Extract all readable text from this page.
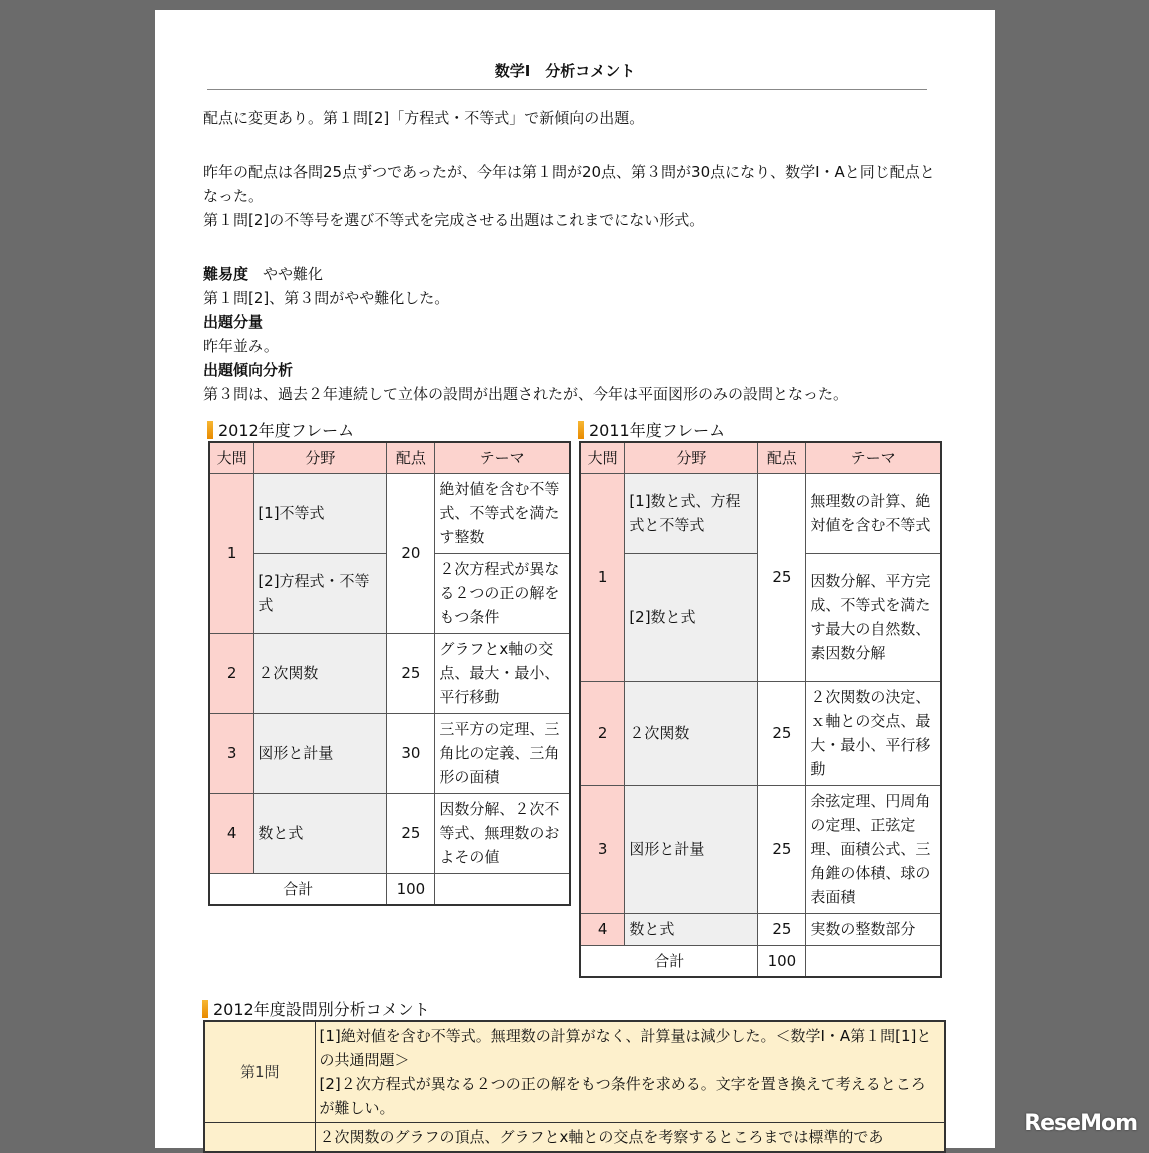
数学I　分析コメント
配点に変更あり。第１問[2]「方程式・不等式」で新傾向の出題。
昨年の配点は各問25点ずつであったが、今年は第１問が20点、第３問が30点になり、数学I・Aと同じ配点となった。
第１問[2]の不等号を選び不等式を完成させる出題はこれまでにない形式。
難易度　やや難化
第１問[2]、第３問がやや難化した。
出題分量
昨年並み。
出題傾向分析
第３問は、過去２年連続して立体の設問が出題されたが、今年は平面図形のみの設問となった。
2012年度フレーム
大問	分野	配点	テーマ
1	[1]不等式	20	絶対値を含む不等式、不等式を満たす整数
	[2]方程式・不等式		２次方程式が異なる２つの正の解をもつ条件
2	２次関数	25	グラフとx軸の交点、最大・最小、平行移動
3	図形と計量	30	三平方の定理、三角比の定義、三角形の面積
4	数と式	25	因数分解、２次不等式、無理数のおよその値
合計		100	
2011年度フレーム
大問	分野	配点	テーマ
1	[1]数と式、方程式と不等式	25	無理数の計算、絶対値を含む不等式
	[2]数と式		因数分解、平方完成、不等式を満たす最大の自然数、素因数分解
2	２次関数	25	２次関数の決定、ｘ軸との交点、最大・最小、平行移動
3	図形と計量	25	余弦定理、円周角の定理、正弦定理、面積公式、三角錐の体積、球の表面積
4	数と式	25	実数の整数部分
合計		100	
2012年度設問別分析コメント
第1問	[1]絶対値を含む不等式。無理数の計算がなく、計算量は減少した。＜数学I・A第１問[1]との共通問題＞
[2]２次方程式が異なる２つの正の解をもつ条件を求める。文字を置き換えて考えるところが難しい。

	２次関数のグラフの頂点、グラフとx軸との交点を考察するところまでは標準的であ
ReseMom
